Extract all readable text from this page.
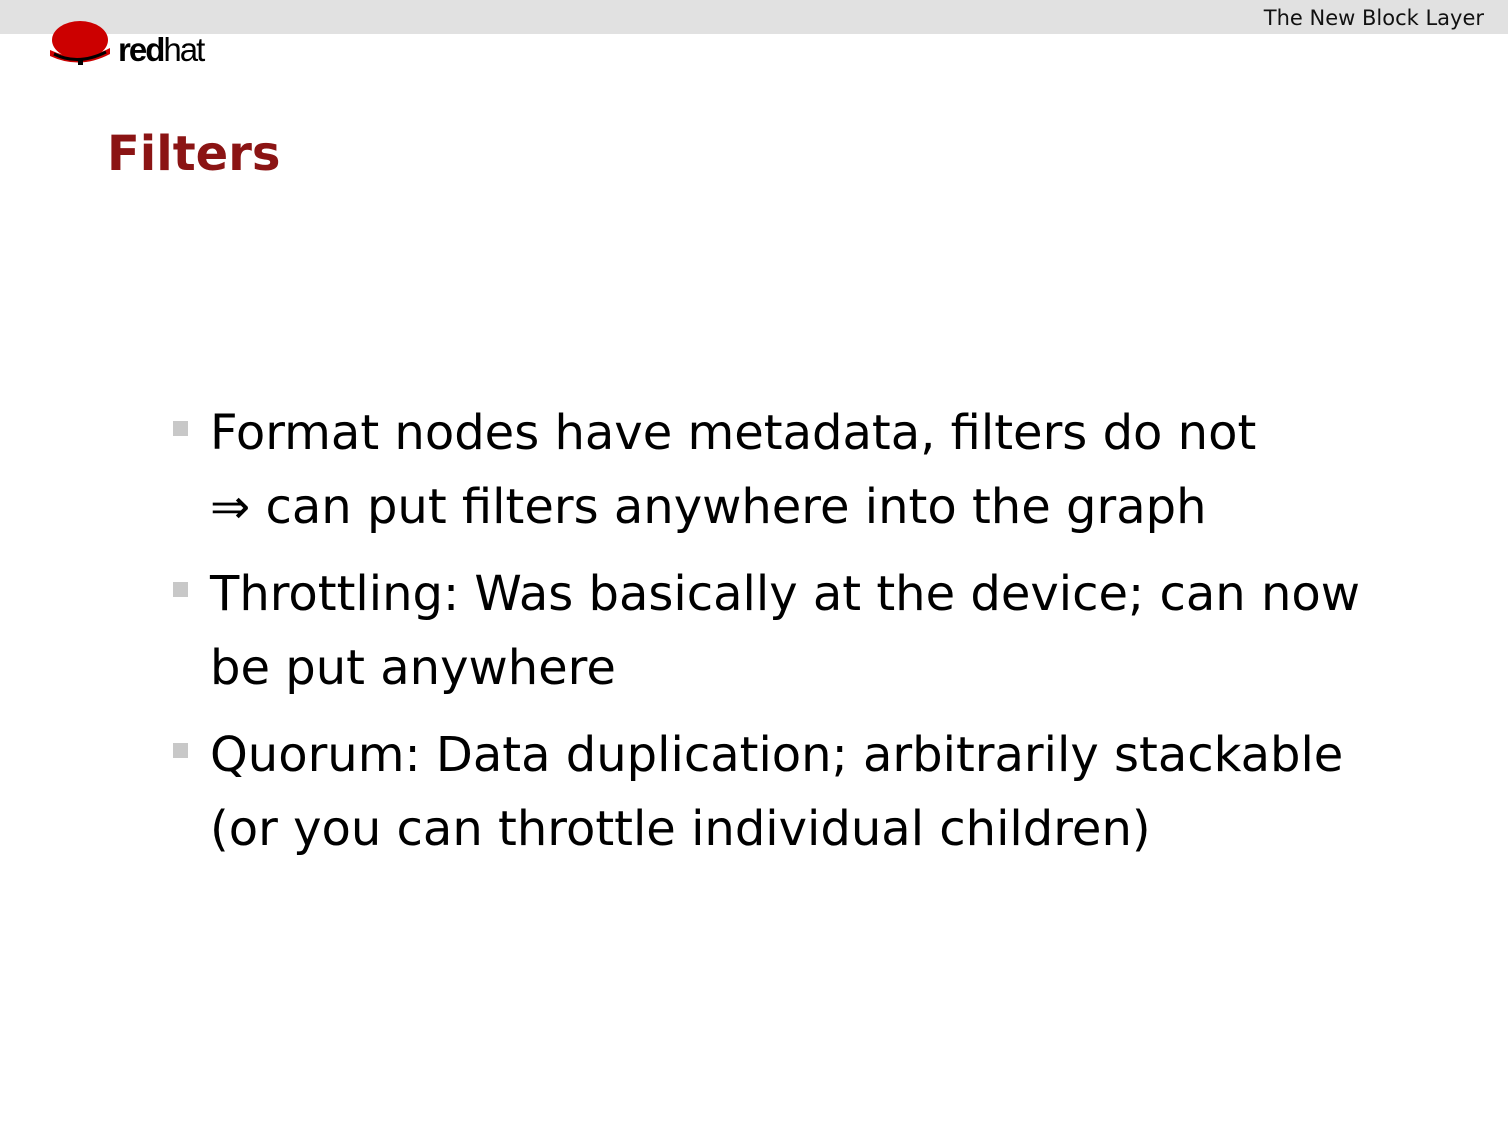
The New Block Layer
redhat
Filters
Format nodes have metadata, filters do not
⇒ can put filters anywhere into the graph
Throttling: Was basically at the device; can now
be put anywhere
Quorum: Data duplication; arbitrarily stackable
(or you can throttle individual children)
